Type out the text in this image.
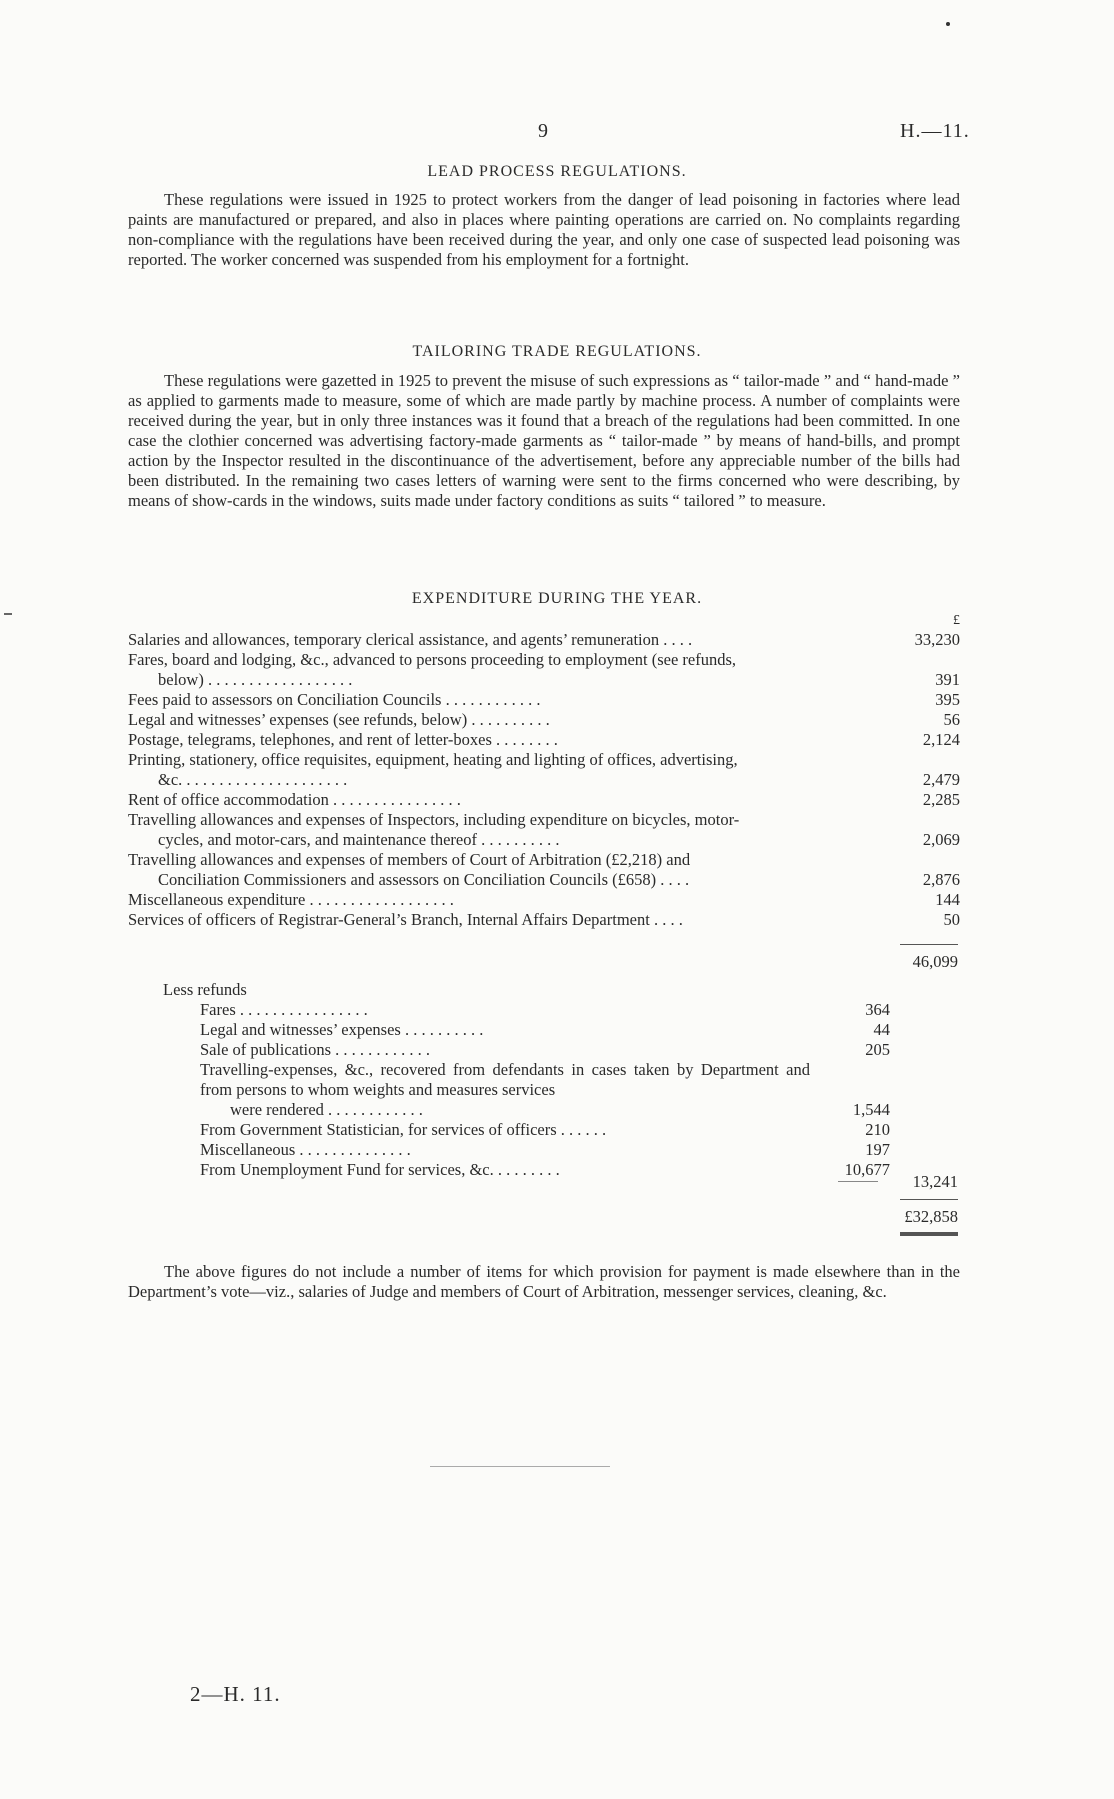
9	H.—11.
LEAD PROCESS REGULATIONS.

These regulations were issued in 1925 to protect workers from the danger of lead poisoning in factories where lead paints are manufactured or prepared, and also in places where painting operations are carried on. No complaints regarding non-compliance with the regulations have been received during the year, and only one case of suspected lead poisoning was reported. The worker concerned was suspended from his employment for a fortnight.

TAILORING TRADE REGULATIONS.

These regulations were gazetted in 1925 to prevent the misuse of such expressions as “ tailor-made ” and “ hand-made ” as applied to garments made to measure, some of which are made partly by machine process. A number of complaints were received during the year, but in only three instances was it found that a breach of the regulations had been committed. In one case the clothier concerned was advertising factory-made garments as “ tailor-made ” by means of hand-bills, and prompt action by the Inspector resulted in the discontinuance of the advertisement, before any appreciable number of the bills had been distributed. In the remaining two cases letters of warning were sent to the firms concerned who were describing, by means of show-cards in the windows, suits made under factory conditions as suits “ tailored ” to measure.

EXPENDITURE DURING THE YEAR.
£
Salaries and allowances, temporary clerical assistance, and agents’ remuneration . . . .	33,230
Fares, board and lodging, &c., advanced to persons proceeding to employment (see refunds,
below) . . . . . . . . . . . . . . . . . .	391
Fees paid to assessors on Conciliation Councils . . . . . . . . . . . .	395
Legal and witnesses’ expenses (see refunds, below) . . . . . . . . . .	56
Postage, telegrams, telephones, and rent of letter-boxes . . . . . . . .	2,124
Printing, stationery, office requisites, equipment, heating and lighting of offices, advertising,
&c. . . . . . . . . . . . . . . . . . . . .	2,479
Rent of office accommodation . . . . . . . . . . . . . . . .	2,285
Travelling allowances and expenses of Inspectors, including expenditure on bicycles, motor-
cycles, and motor-cars, and maintenance thereof . . . . . . . . . .	2,069
Travelling allowances and expenses of members of Court of Arbitration (£2,218) and
Conciliation Commissioners and assessors on Conciliation Councils (£658) . . . .	2,876
Miscellaneous expenditure . . . . . . . . . . . . . . . . . .	144
Services of officers of Registrar-General’s Branch, Internal Affairs Department . . . .	50
46,099
Less refunds
Fares . . . . . . . . . . . . . . . .	364
Legal and witnesses’ expenses . . . . . . . . . .	44
Sale of publications . . . . . . . . . . . .	205
Travelling-expenses, &c., recovered from defendants in cases taken by Department and from persons to whom weights and measures services
were rendered . . . . . . . . . . . .	1,544
From Government Statistician, for services of officers . . . . . .	210
Miscellaneous . . . . . . . . . . . . . .	197
From Unemployment Fund for services, &c. . . . . . . . .	10,677
13,241
£32,858

The above figures do not include a number of items for which provision for payment is made elsewhere than in the Department’s vote—viz., salaries of Judge and members of Court of Arbitration, messenger services, cleaning, &c.

2—H. 11.
